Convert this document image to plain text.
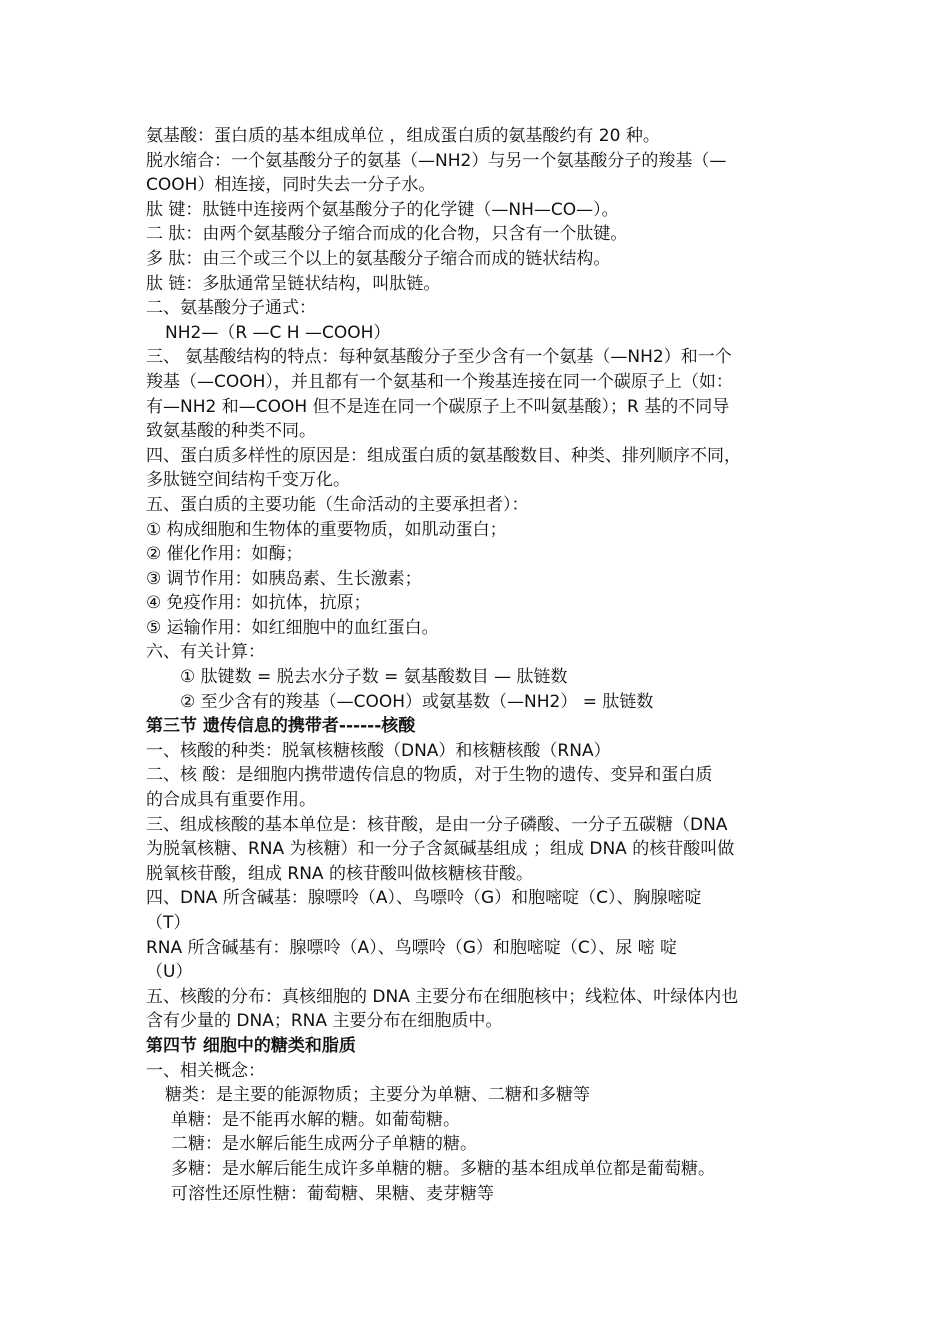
氨基酸：蛋白质的基本组成单位 ，组成蛋白质的氨基酸约有 20 种。
脱水缩合：一个氨基酸分子的氨基（—NH2）与另一个氨基酸分子的羧基（—
COOH）相连接，同时失去一分子水。
肽 键：肽链中连接两个氨基酸分子的化学键（—NH—CO—）。
二 肽：由两个氨基酸分子缩合而成的化合物，只含有一个肽键。
多 肽：由三个或三个以上的氨基酸分子缩合而成的链状结构。
肽 链：多肽通常呈链状结构，叫肽链。
二、氨基酸分子通式：
NH2—（R —C H —COOH）
三、 氨基酸结构的特点：每种氨基酸分子至少含有一个氨基（—NH2）和一个
羧基（—COOH），并且都有一个氨基和一个羧基连接在同一个碳原子上（如：
有—NH2 和—COOH 但不是连在同一个碳原子上不叫氨基酸）；R 基的不同导
致氨基酸的种类不同。
四、蛋白质多样性的原因是：组成蛋白质的氨基酸数目、种类、排列顺序不同，
多肽链空间结构千变万化。
五、蛋白质的主要功能（生命活动的主要承担者）：
① 构成细胞和生物体的重要物质，如肌动蛋白；
② 催化作用：如酶；
③ 调节作用：如胰岛素、生长激素；
④ 免疫作用：如抗体，抗原；
⑤ 运输作用：如红细胞中的血红蛋白。
六、有关计算：
① 肽键数 = 脱去水分子数 = 氨基酸数目 — 肽链数
② 至少含有的羧基（—COOH）或氨基数（—NH2） = 肽链数
第三节 遗传信息的携带者------核酸
一、核酸的种类：脱氧核糖核酸（DNA）和核糖核酸（RNA）
二、核 酸：是细胞内携带遗传信息的物质，对于生物的遗传、变异和蛋白质
的合成具有重要作用。
三、组成核酸的基本单位是：核苷酸，是由一分子磷酸、一分子五碳糖（DNA
为脱氧核糖、RNA 为核糖）和一分子含氮碱基组成 ；组成 DNA 的核苷酸叫做
脱氧核苷酸，组成 RNA 的核苷酸叫做核糖核苷酸。
四、DNA 所含碱基：腺嘌呤（A）、鸟嘌呤（G）和胞嘧啶（C）、胸腺嘧啶
（T）
RNA 所含碱基有：腺嘌呤（A）、鸟嘌呤（G）和胞嘧啶（C）、尿 嘧 啶
（U）
五、核酸的分布：真核细胞的 DNA 主要分布在细胞核中；线粒体、叶绿体内也
含有少量的 DNA；RNA 主要分布在细胞质中。
第四节 细胞中的糖类和脂质
一、相关概念：
糖类：是主要的能源物质；主要分为单糖、二糖和多糖等
单糖：是不能再水解的糖。如葡萄糖。
二糖：是水解后能生成两分子单糖的糖。
多糖：是水解后能生成许多单糖的糖。多糖的基本组成单位都是葡萄糖。
可溶性还原性糖：葡萄糖、果糖、麦芽糖等
